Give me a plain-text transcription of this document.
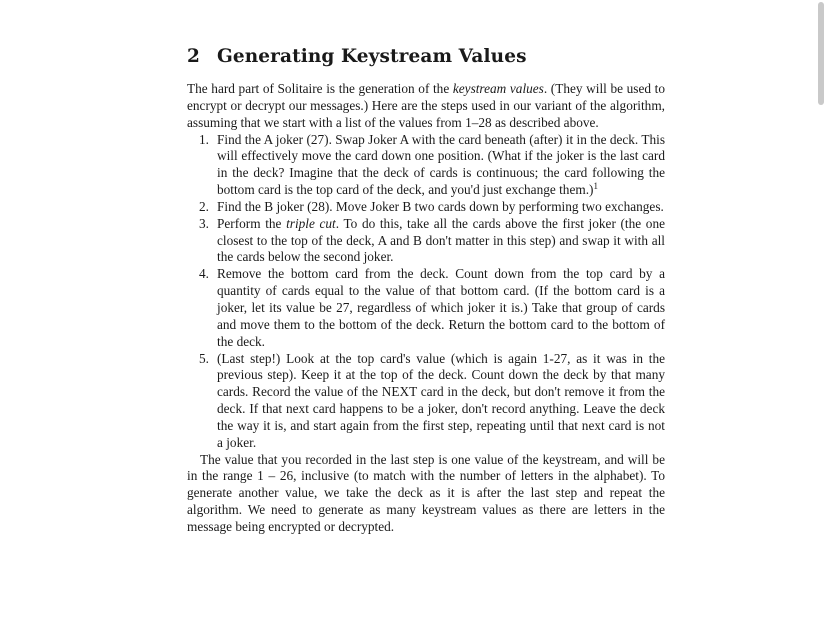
2 Generating Keystream Values

The hard part of Solitaire is the generation of the keystream values. (They will be used to encrypt or decrypt our messages.) Here are the steps used in our variant of the algorithm, assuming that we start with a list of the values from 1–28 as described above.

1. Find the A joker (27). Swap Joker A with the card beneath (after) it in the deck. This will effectively move the card down one position. (What if the joker is the last card in the deck? Imagine that the deck of cards is continuous; the card following the bottom card is the top card of the deck, and you'd just exchange them.)$^1$
2. Find the B joker (28). Move Joker B two cards down by performing two exchanges.
3. Perform the triple cut. To do this, take all the cards above the first joker (the one closest to the top of the deck, A and B don't matter in this step) and swap it with all the cards below the second joker.
4. Remove the bottom card from the deck. Count down from the top card by a quantity of cards equal to the value of that bottom card. (If the bottom card is a joker, let its value be 27, regardless of which joker it is.) Take that group of cards and move them to the bottom of the deck. Return the bottom card to the bottom of the deck.
5. (Last step!) Look at the top card's value (which is again 1-27, as it was in the previous step). Keep it at the top of the deck. Count down the deck by that many cards. Record the value of the NEXT card in the deck, but don't remove it from the deck. If that next card happens to be a joker, don't record anything. Leave the deck the way it is, and start again from the first step, repeating until that next card is not a joker.

The value that you recorded in the last step is one value of the keystream, and will be in the range 1 – 26, inclusive (to match with the number of letters in the alphabet). To generate another value, we take the deck as it is after the last step and repeat the algorithm. We need to generate as many keystream values as there are letters in the message being encrypted or decrypted.
